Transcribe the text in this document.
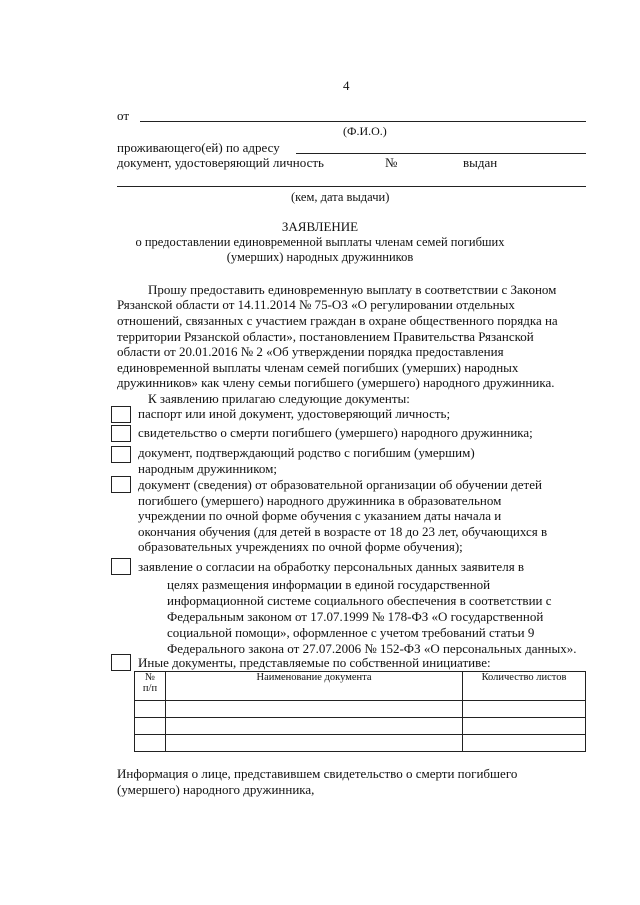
4
от
(Ф.И.О.)
проживающего(ей) по адресу
документ, удостоверяющий личность	№	выдан
(кем, дата выдачи)
ЗАЯВЛЕНИЕ
о предоставлении единовременной выплаты членам семей погибших
(умерших) народных дружинников
Прошу предоставить единовременную выплату в соответствии с Законом
Рязанской области от 14.11.2014 № 75-ОЗ «О регулировании отдельных
отношений, связанных с участием граждан в охране общественного порядка на
территории Рязанской области», постановлением Правительства Рязанской
области от 20.01.2016 № 2 «Об утверждении порядка предоставления
единовременной выплаты членам семей погибших (умерших) народных
дружинников» как члену семьи погибшего (умершего) народного дружинника.
К заявлению прилагаю следующие документы:
паспорт или иной документ, удостоверяющий личность;
свидетельство о смерти погибшего (умершего) народного дружинника;
документ, подтверждающий родство с погибшим (умершим)
народным дружинником;
документ (сведения) от образовательной организации об обучении детей
погибшего (умершего) народного дружинника в образовательном
учреждении по очной форме обучения с указанием даты начала и
окончания обучения (для детей в возрасте от 18 до 23 лет, обучающихся в
образовательных учреждениях по очной форме обучения);
заявление о согласии на обработку персональных данных заявителя в
целях размещения информации в единой государственной
информационной системе социального обеспечения в соответствии с
Федеральным законом от 17.07.1999 № 178-ФЗ «О государственной
социальной помощи», оформленное с учетом требований статьи 9
Федерального закона от 27.07.2006 № 152-ФЗ «О персональных данных».
Иные документы, представляемые по собственной инициативе:
№
п/п	Наименование документа	Количество листов

Информация о лице, представившем свидетельство о смерти погибшего
(умершего) народного дружинника,
